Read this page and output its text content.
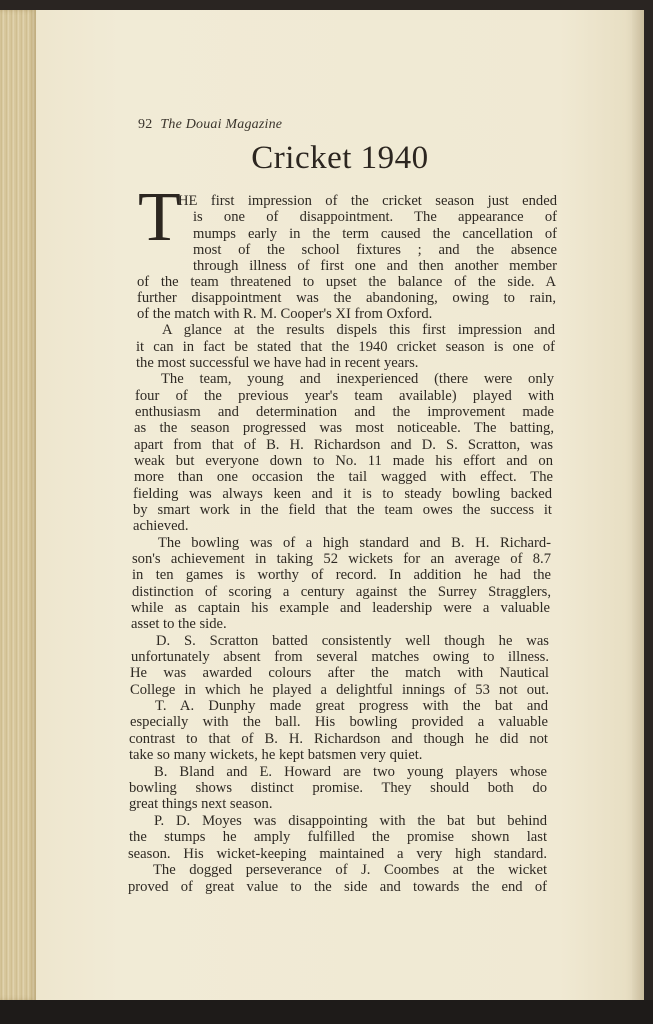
92 The Douai Magazine
Cricket 1940
T
HE first impression of the cricket season just ended
is one of disappointment. The appearance of
mumps early in the term caused the cancellation of
most of the school fixtures ; and the absence
through illness of first one and then another member
of the team threatened to upset the balance of the side. A
further disappointment was the abandoning, owing to rain,
of the match with R. M. Cooper's XI from Oxford.
A glance at the results dispels this first impression and
it can in fact be stated that the 1940 cricket season is one of
the most successful we have had in recent years.
The team, young and inexperienced (there were only
four of the previous year's team available) played with
enthusiasm and determination and the improvement made
as the season progressed was most noticeable. The batting,
apart from that of B. H. Richardson and D. S. Scratton, was
weak but everyone down to No. 11 made his effort and on
more than one occasion the tail wagged with effect. The
fielding was always keen and it is to steady bowling backed
by smart work in the field that the team owes the success it
achieved.
The bowling was of a high standard and B. H. Richard-
son's achievement in taking 52 wickets for an average of 8.7
in ten games is worthy of record. In addition he had the
distinction of scoring a century against the Surrey Stragglers,
while as captain his example and leadership were a valuable
asset to the side.
D. S. Scratton batted consistently well though he was
unfortunately absent from several matches owing to illness.
He was awarded colours after the match with Nautical
College in which he played a delightful innings of 53 not out.
T. A. Dunphy made great progress with the bat and
especially with the ball. His bowling provided a valuable
contrast to that of B. H. Richardson and though he did not
take so many wickets, he kept batsmen very quiet.
B. Bland and E. Howard are two young players whose
bowling shows distinct promise. They should both do
great things next season.
P. D. Moyes was disappointing with the bat but behind
the stumps he amply fulfilled the promise shown last
season. His wicket-keeping maintained a very high standard.
The dogged perseverance of J. Coombes at the wicket
proved of great value to the side and towards the end of
